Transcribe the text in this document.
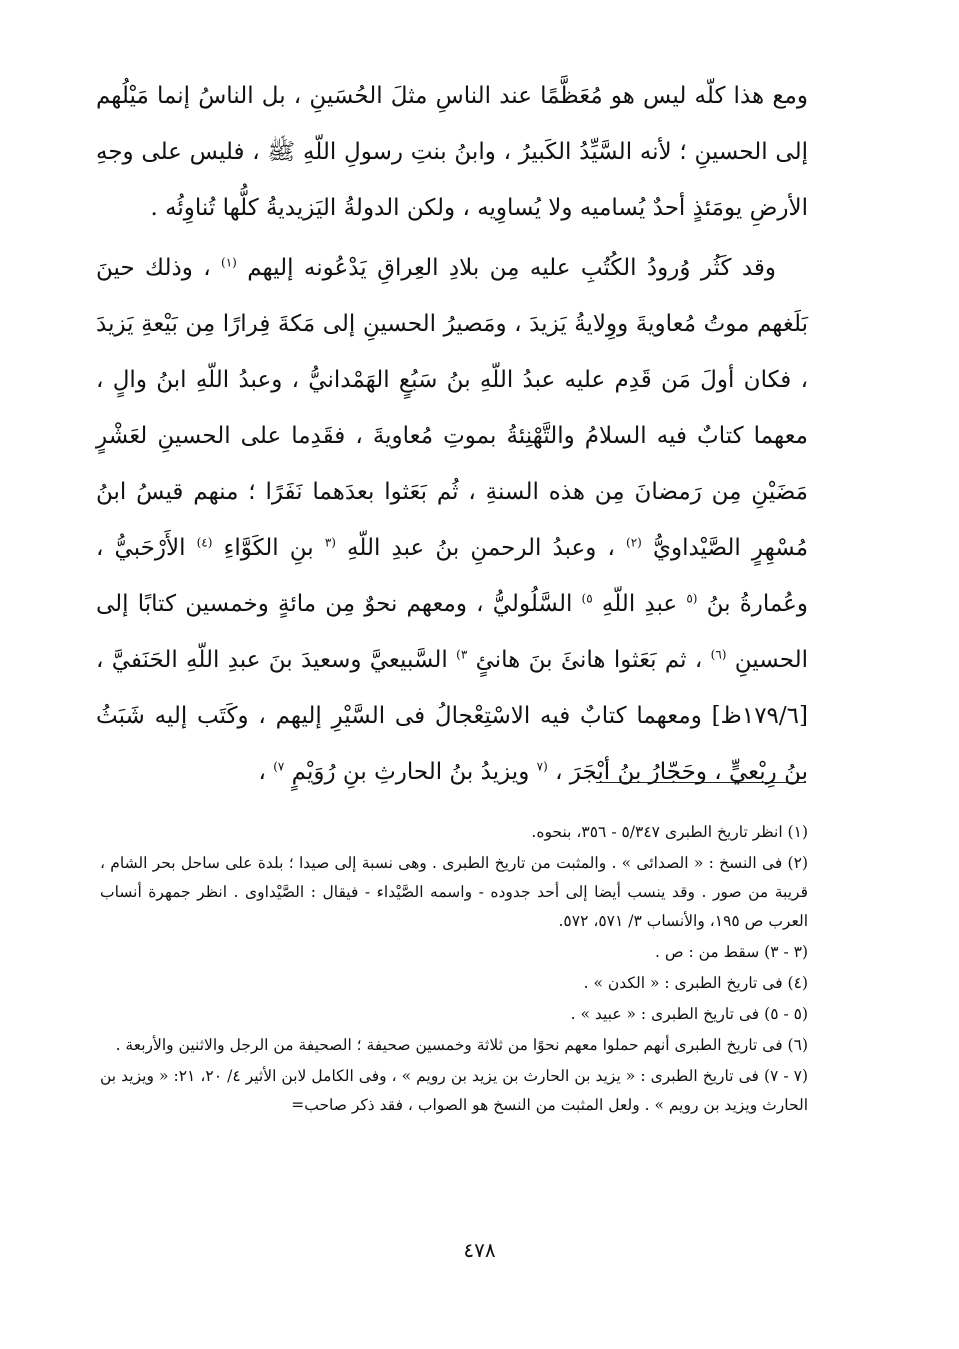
ومع هذا كلّه ليس هو مُعَظَّمًا عند الناسِ مثلَ الحُسَينِ ، بل الناسُ إنما مَيْلُهم إلى الحسينِ ؛ لأنه السَّيِّدُ الكَبيرُ ، وابنُ بنتِ رسولِ اللّهِ ﷺ ، فليس على وجهِ الأرضِ يومَئذٍ أحدٌ يُساميه ولا يُساوِيه ، ولكن الدولةُ اليَزيديةُ كلُّها تُناوِئُه .

وقد كَثُر وُرودُ الكُتُبِ عليه مِن بلادِ العِراقِ يَدْعُونه إليهم $^{(١)}$ ، وذلك حينَ بَلَغهم موتُ مُعاويةَ ووِلايةُ يَزيدَ ، ومَصيرُ الحسينِ إلى مَكةَ فِرارًا مِن بَيْعةِ يَزيدَ ، فكان أولَ مَن قَدِم عليه عبدُ اللّهِ بنُ سَبُعٍ الهَمْدانيُّ ، وعبدُ اللّهِ ابنُ والٍ ، معهما كتابٌ فيه السلامُ والتَّهْنِئةُ بموتِ مُعاويةَ ، فقَدِما على الحسينِ لعَشْرٍ مَضَيْنِ مِن رَمضانَ مِن هذه السنةِ ، ثُم بَعَثوا بعدَهما نَفَرًا ؛ منهم قيسُ ابنُ مُسْهِرٍ الصَّيْداويُّ $^{(٢)}$ ، وعبدُ الرحمنِ بنُ عبدِ اللّهِ $^{(٣}$ بنِ الكَوَّاءِ $^{(٤)}$ الأَرْحَبيُّ ، وعُمارةُ بنُ $^{(٥}$ عبدِ اللّهِ $^{٥)}$ السَّلُوليُّ ، ومعهم نحوٌ مِن مائةٍ وخمسين كتابًا إلى الحسينِ $^{(٦)}$ ، ثم بَعَثوا هانئَ بنَ هانئٍ $^{٣)}$ السَّبيعيَّ وسعيدَ بنَ عبدِ اللّهِ الحَنَفيَّ ، [١٧٩/٦ظ] ومعهما كتابٌ فيه الاسْتِعْجالُ فى السَّيْرِ إليهم ، وكَتَب إليه شَبَثُ بنُ رِبْعيٍّ ، وحَجّارُ بنُ أبْجَرَ ، $^{(٧}$ ويزيدُ بنُ الحارثِ بنِ رُوَيْمٍ $^{٧)}$ ،

(١) انظر تاريخ الطبرى ٥/٣٤٧ - ٣٥٦، بنحوه.

(٢) فى النسخ : « الصدائى » . والمثبت من تاريخ الطبرى . وهى نسبة إلى صيدا ؛ بلدة على ساحل بحر الشام ، قريبة من صور . وقد ينسب أيضا إلى أحد جدوده - واسمه الصَّيْداء - فيقال : الصَّيْداوى . انظر جمهرة أنساب العرب ص ١٩٥، والأنساب ٣/ ٥٧١، ٥٧٢.

(٣ - ٣) سقط من : ص .

(٤) فى تاريخ الطبرى : « الكدن » .

(٥ - ٥) فى تاريخ الطبرى : « عبيد » .

(٦) فى تاريخ الطبرى أنهم حملوا معهم نحوًا من ثلاثة وخمسين صحيفة ؛ الصحيفة من الرجل والاثنين والأربعة .

(٧ - ٧) فى تاريخ الطبرى : « يزيد بن الحارث بن يزيد بن رويم » ، وفى الكامل لابن الأثير ٤/ ٢٠، ٢١: « ويزيد بن الحارث ويزيد بن رويم » . ولعل المثبت من النسخ هو الصواب ، فقد ذكر صاحب=

٤٧٨
